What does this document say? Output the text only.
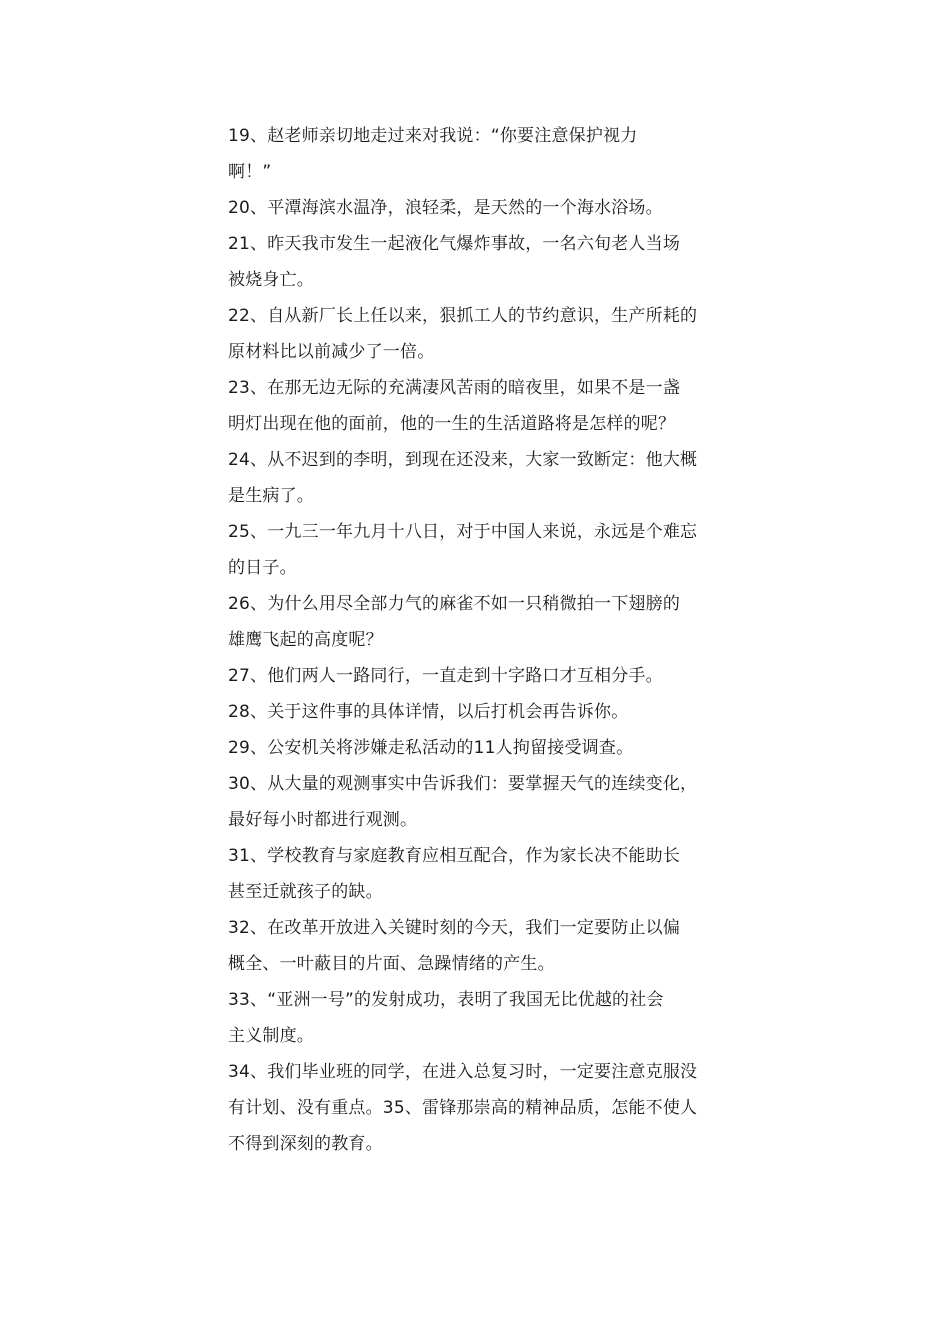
19、赵老师亲切地走过来对我说：“你要注意保护视力
啊！”
20、平潭海滨水温净，浪轻柔，是天然的一个海水浴场。
21、昨天我市发生一起液化气爆炸事故，一名六旬老人当场
被烧身亡。
22、自从新厂长上任以来，狠抓工人的节约意识，生产所耗的
原材料比以前减少了一倍。
23、在那无边无际的充满凄风苦雨的暗夜里，如果不是一盏
明灯出现在他的面前，他的一生的生活道路将是怎样的呢？
24、从不迟到的李明，到现在还没来，大家一致断定：他大概
是生病了。
25、一九三一年九月十八日，对于中国人来说，永远是个难忘
的日子。
26、为什么用尽全部力气的麻雀不如一只稍微拍一下翅膀的
雄鹰飞起的高度呢？
27、他们两人一路同行，一直走到十字路口才互相分手。
28、关于这件事的具体详情，以后打机会再告诉你。
29、公安机关将涉嫌走私活动的11人拘留接受调查。
30、从大量的观测事实中告诉我们：要掌握天气的连续变化，
最好每小时都进行观测。
31、学校教育与家庭教育应相互配合，作为家长决不能助长
甚至迁就孩子的缺。
32、在改革开放进入关键时刻的今天，我们一定要防止以偏
概全、一叶蔽目的片面、急躁情绪的产生。
33、“亚洲一号”的发射成功，表明了我国无比优越的社会
主义制度。
34、我们毕业班的同学，在进入总复习时，一定要注意克服没
有计划、没有重点。35、雷锋那崇高的精神品质，怎能不使人
不得到深刻的教育。
